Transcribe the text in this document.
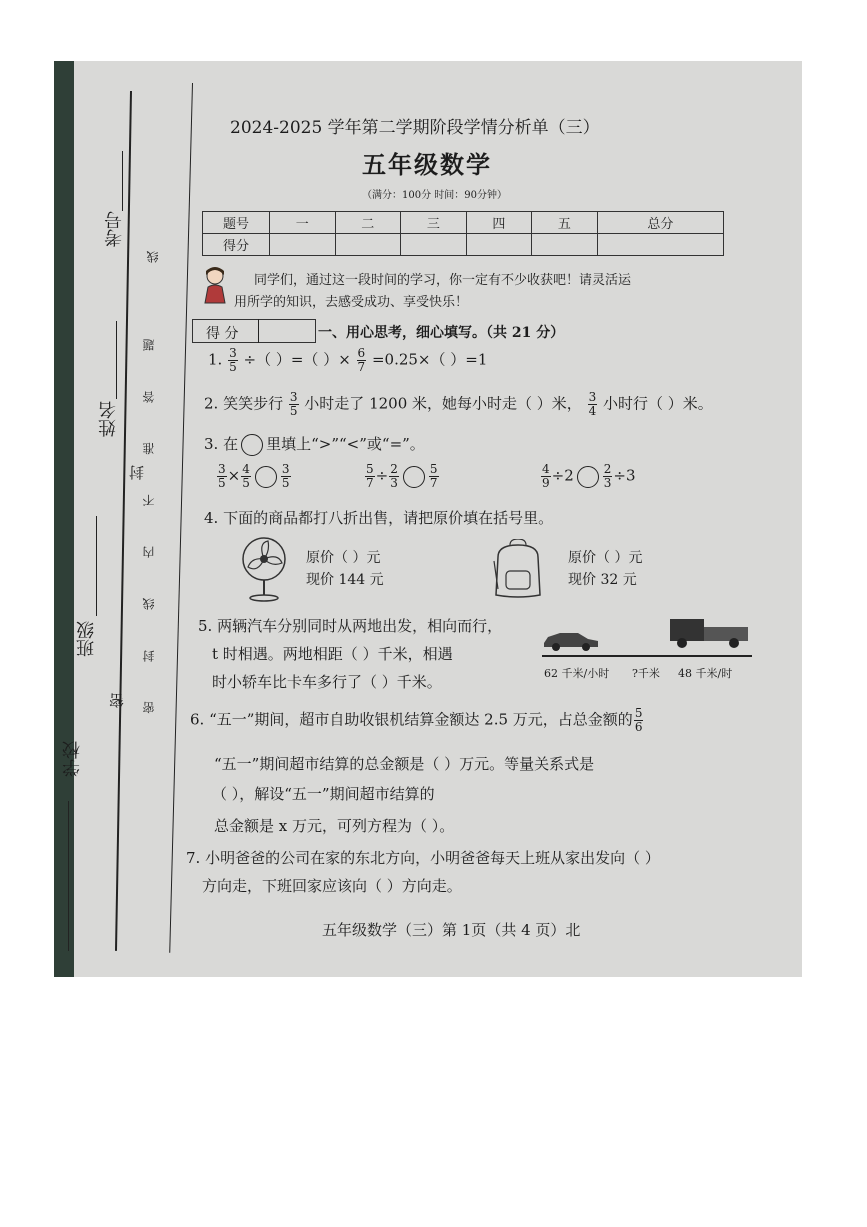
考号
姓名
班级
学校
线
封
密 密 封 线 内 不 准 答 题
2024-2025 学年第二学期阶段学情分析单（三）
五年级数学
（满分：100分 时间：90分钟）
题号	一	二	三	四	五	总分
得分						
同学们，通过这一段时间的学习，你一定有不少收获吧！请灵活运
用所学的知识，去感受成功、享受快乐！
得 分	一、用心思考，细心填写。（共 21 分）
1. $\frac{3}{5}$ ÷（ ）=（ ）× $\frac{6}{7} =0.25\times$（ ）=1
2. 笑笑步行 $\frac{3}{5}$ 小时走了 1200 米，她每小时走（ ）米， $\frac{3}{4}$ 小时行（ ）米。
3. 在 里填上“>”“<”或“=”。
$\frac{3}{5} \times \frac{4}{5}$	$\frac{3}{5}$	$\frac{5}{7} \div \frac{2}{3}$	$\frac{5}{7}$	$\frac{4}{9} \div 2 \frac{2}{3} \div 3$
4. 下面的商品都打八折出售，请把原价填在括号里。
原价（ ）元
现价 144 元
原价（ ）元
现价 32 元
5. 两辆汽车分别同时从两地出发，相向而行，
t 时相遇。两地相距（ ）千米，相遇
时小轿车比卡车多行了（ ）千米。	62 千米/小时 ?千米 48 千米/时
6. “五一”期间，超市自助收银机结算金额达 2.5 万元，占总金额的 $\frac{5}{6}$
“五一”期间超市结算的总金额是（ ）万元。等量关系式是
（ ），解设“五一”期间超市结算的
总金额是 x 万元，可列方程为（ ）。
7. 小明爸爸的公司在家的东北方向，小明爸爸每天上班从家出发向（ ）
方向走，下班回家应该向（ ）方向走。
五年级数学（三）第 1页（共 4 页）北
